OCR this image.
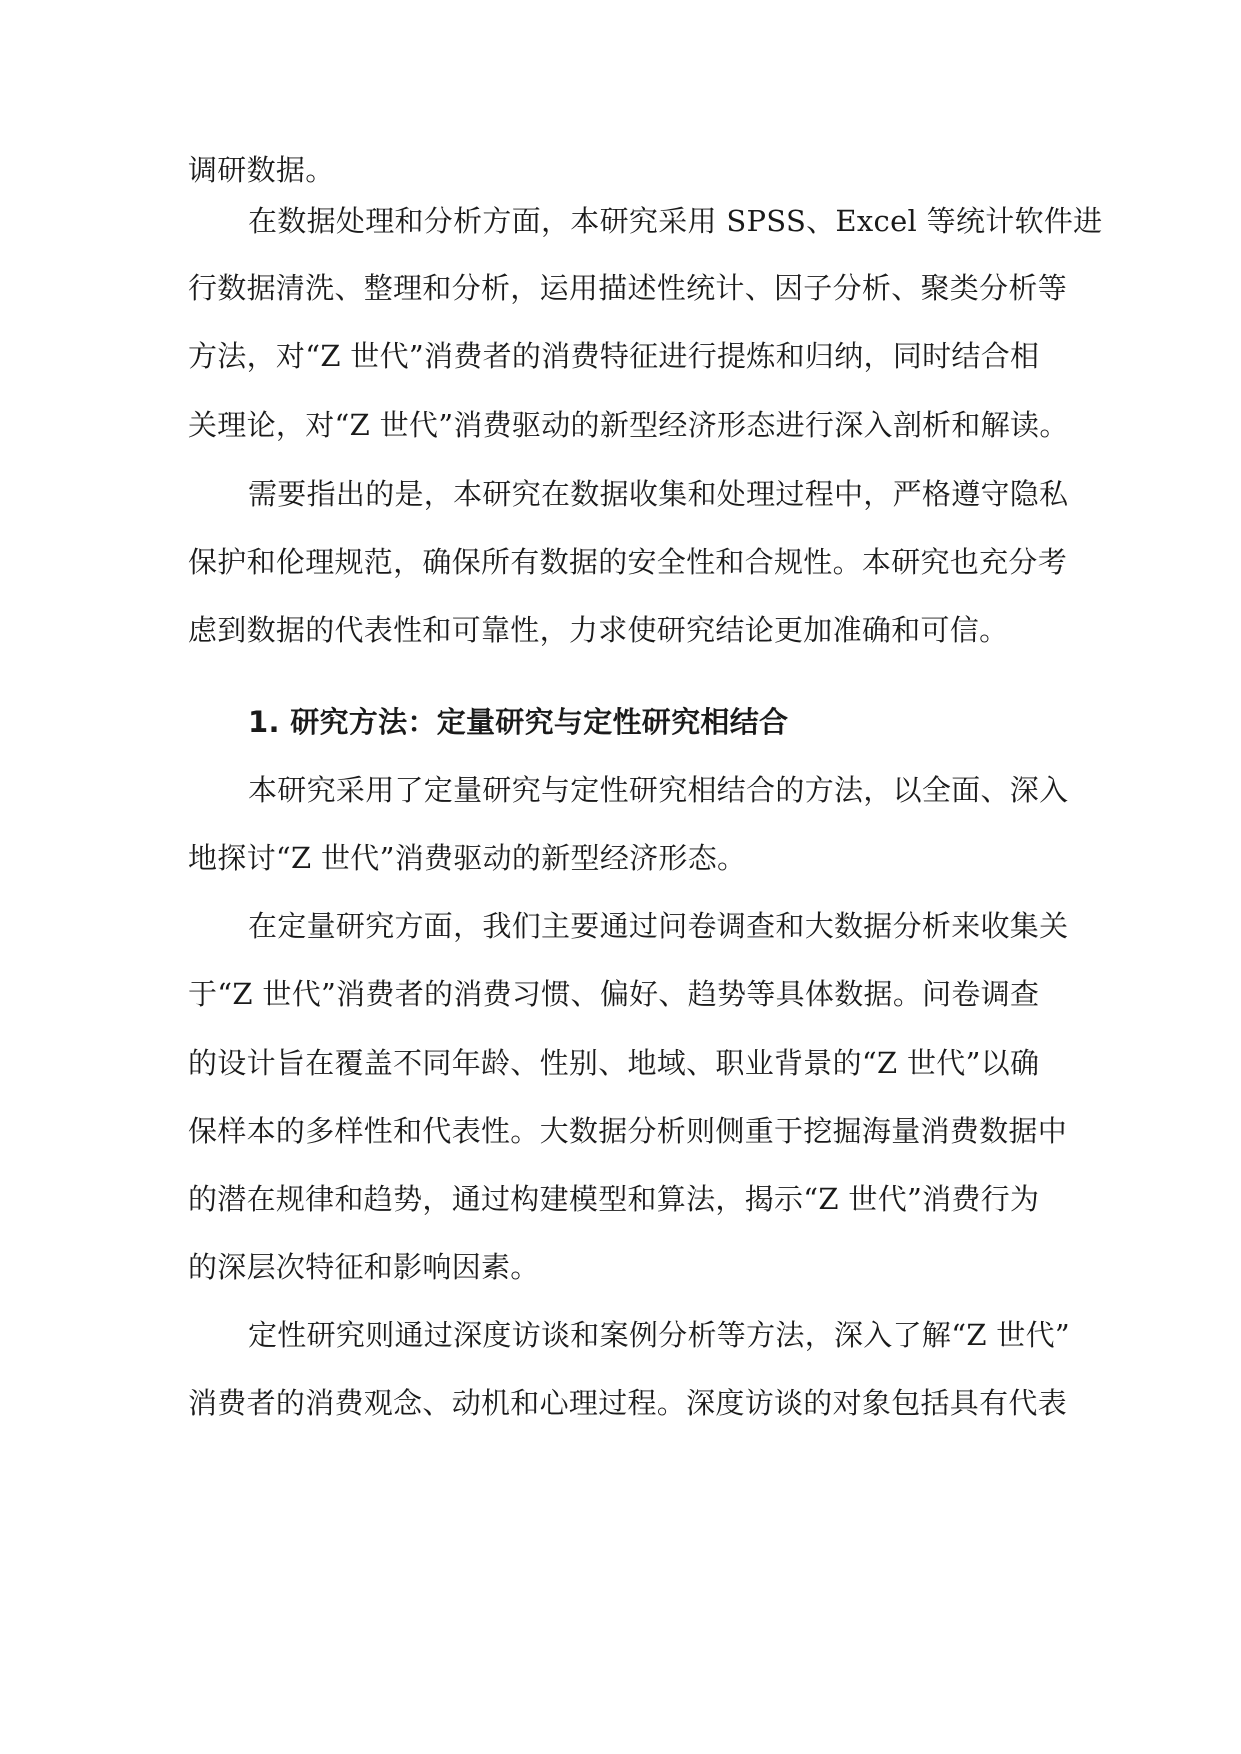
调研数据。
在数据处理和分析方面，本研究采用 SPSS、Excel 等统计软件进
行数据清洗、整理和分析，运用描述性统计、因子分析、聚类分析等
方法，对“Z 世代”消费者的消费特征进行提炼和归纳，同时结合相
关理论，对“Z 世代”消费驱动的新型经济形态进行深入剖析和解读。
需要指出的是，本研究在数据收集和处理过程中，严格遵守隐私
保护和伦理规范，确保所有数据的安全性和合规性。本研究也充分考
虑到数据的代表性和可靠性，力求使研究结论更加准确和可信。
1. 研究方法：定量研究与定性研究相结合
本研究采用了定量研究与定性研究相结合的方法，以全面、深入
地探讨“Z 世代”消费驱动的新型经济形态。
在定量研究方面，我们主要通过问卷调查和大数据分析来收集关
于“Z 世代”消费者的消费习惯、偏好、趋势等具体数据。问卷调查
的设计旨在覆盖不同年龄、性别、地域、职业背景的“Z 世代”以确
保样本的多样性和代表性。大数据分析则侧重于挖掘海量消费数据中
的潜在规律和趋势，通过构建模型和算法，揭示“Z 世代”消费行为
的深层次特征和影响因素。
定性研究则通过深度访谈和案例分析等方法，深入了解“Z 世代”
消费者的消费观念、动机和心理过程。深度访谈的对象包括具有代表
